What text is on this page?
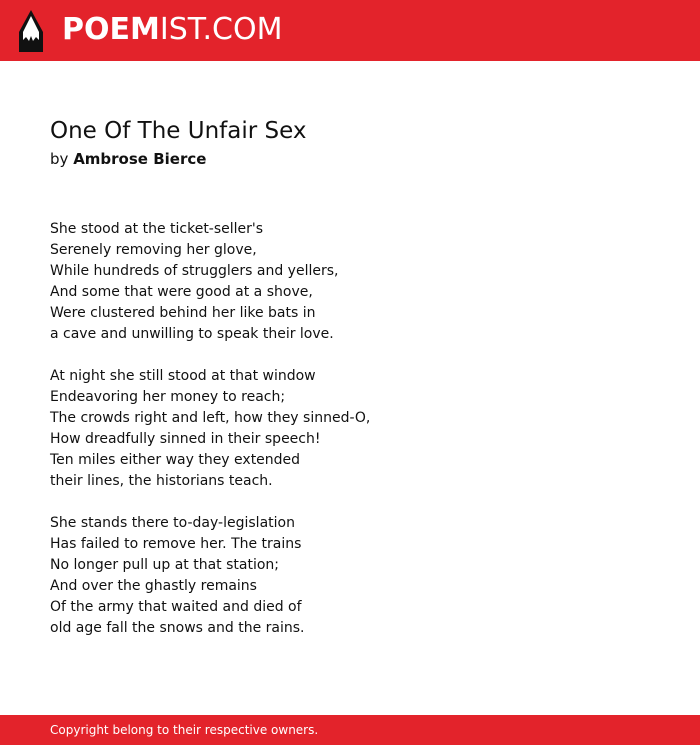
POEMIST.COM
One Of The Unfair Sex
by Ambrose Bierce
She stood at the ticket-seller's
Serenely removing her glove,
While hundreds of strugglers and yellers,
And some that were good at a shove,
Were clustered behind her like bats in
a cave and unwilling to speak their love.
At night she still stood at that window
Endeavoring her money to reach;
The crowds right and left, how they sinned-O,
How dreadfully sinned in their speech!
Ten miles either way they extended
their lines, the historians teach.
She stands there to-day-legislation
Has failed to remove her. The trains
No longer pull up at that station;
And over the ghastly remains
Of the army that waited and died of
old age fall the snows and the rains.
Copyright belong to their respective owners.
